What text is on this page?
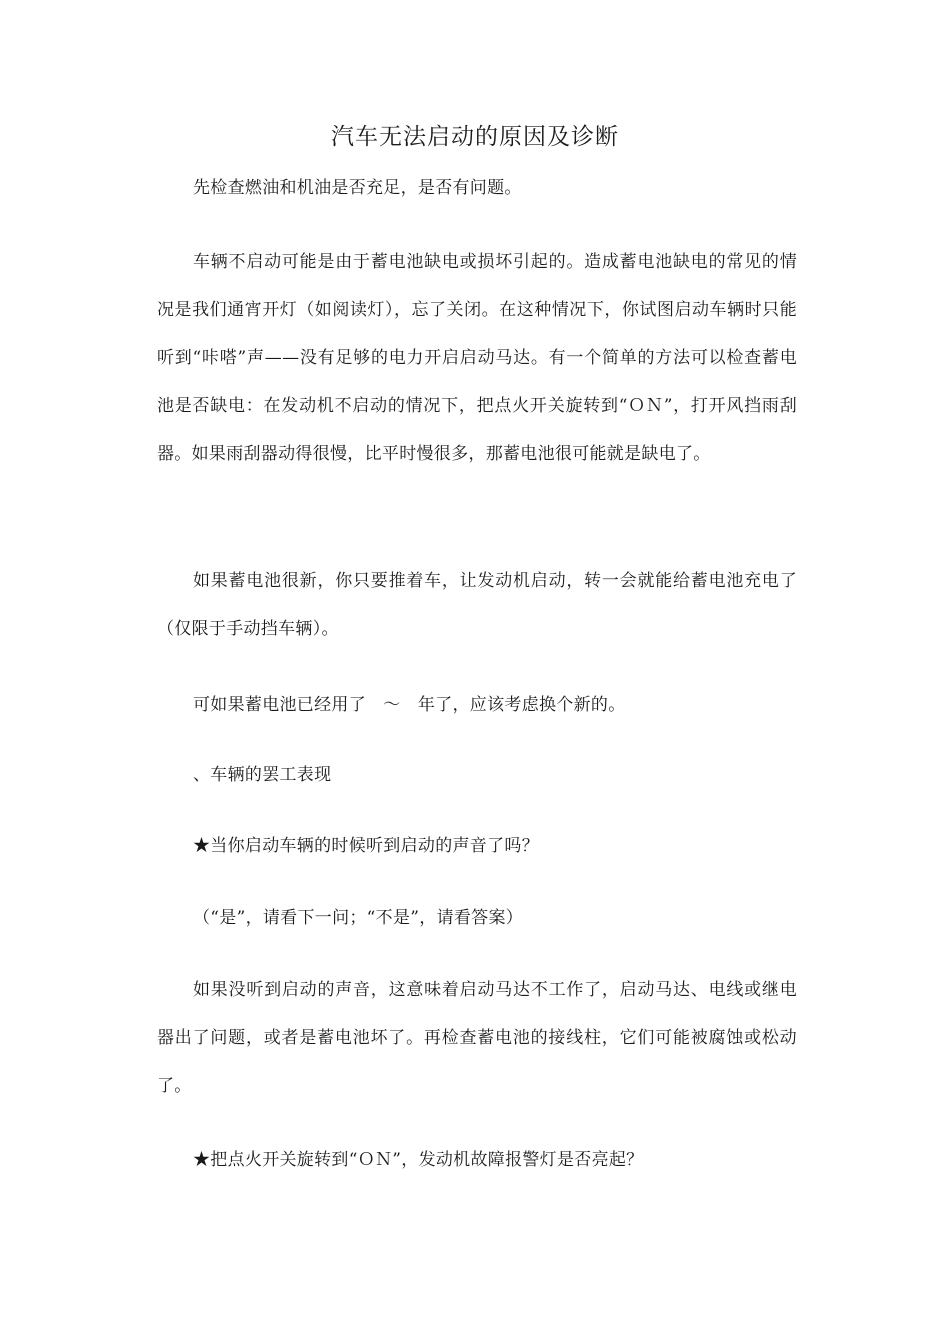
汽车无法启动的原因及诊断

先检查燃油和机油是否充足，是否有问题。

车辆不启动可能是由于蓄电池缺电或损坏引起的。造成蓄电池缺电的常见的情况是我们通宵开灯（如阅读灯），忘了关闭。在这种情况下，你试图启动车辆时只能听到“咔嗒”声——没有足够的电力开启启动马达。有一个简单的方法可以检查蓄电池是否缺电：在发动机不启动的情况下，把点火开关旋转到“ＯＮ”，打开风挡雨刮器。如果雨刮器动得很慢，比平时慢很多，那蓄电池很可能就是缺电了。

如果蓄电池很新，你只要推着车，让发动机启动，转一会就能给蓄电池充电了（仅限于手动挡车辆）。

可如果蓄电池已经用了　～　年了，应该考虑换个新的。

、车辆的罢工表现

★当你启动车辆的时候听到启动的声音了吗？

（“是”，请看下一问；“不是”，请看答案）

如果没听到启动的声音，这意味着启动马达不工作了，启动马达、电线或继电器出了问题，或者是蓄电池坏了。再检查蓄电池的接线柱，它们可能被腐蚀或松动了。

★把点火开关旋转到“ＯＮ”，发动机故障报警灯是否亮起？
